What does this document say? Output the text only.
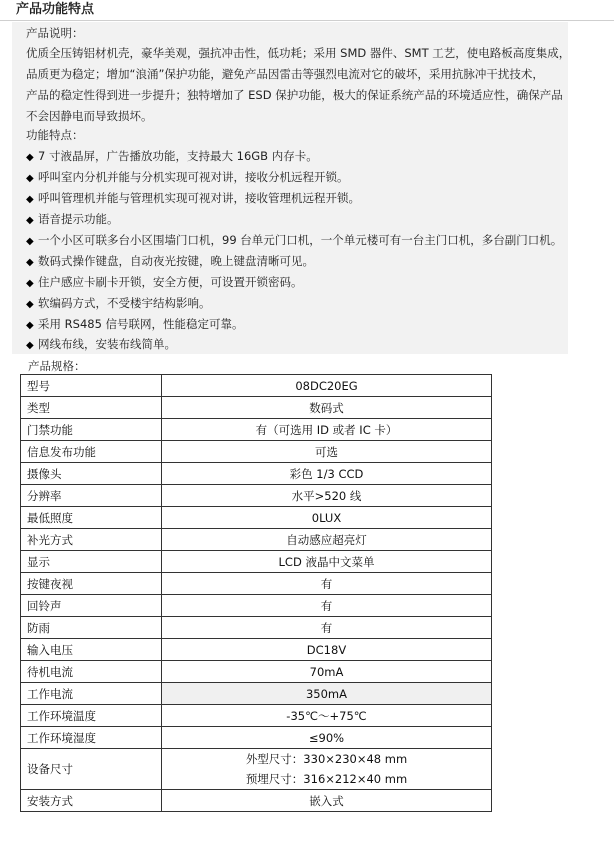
产品功能特点
产品说明：
优质全压铸铝材机壳，豪华美观，强抗冲击性，低功耗；采用 SMD 器件、SMT 工艺，使电路板高度集成，
品质更为稳定；增加“浪涌”保护功能，避免产品因雷击等强烈电流对它的破坏，采用抗脉冲干扰技术，
产品的稳定性得到进一步提升；独特增加了 ESD 保护功能，极大的保证系统产品的环境适应性，确保产品
不会因静电而导致损坏。
功能特点：
◆ 7 寸液晶屏，广告播放功能，支持最大 16GB 内存卡。
◆ 呼叫室内分机并能与分机实现可视对讲，接收分机远程开锁。
◆ 呼叫管理机并能与管理机实现可视对讲，接收管理机远程开锁。
◆ 语音提示功能。
◆ 一个小区可联多台小区围墙门口机，99 台单元门口机，一个单元楼可有一台主门口机，多台副门口机。
◆ 数码式操作键盘，自动夜光按键，晚上键盘清晰可见。
◆ 住户感应卡刷卡开锁，安全方便，可设置开锁密码。
◆ 软编码方式，不受楼宇结构影响。
◆ 采用 RS485 信号联网，性能稳定可靠。
◆ 网线布线，安装布线简单。
产品规格：
型号	08DC20EG
类型	数码式
门禁功能	有（可选用 ID 或者 IC 卡）
信息发布功能	可选
摄像头	彩色 1/3 CCD
分辨率	水平>520 线
最低照度	0LUX
补光方式	自动感应超亮灯
显示	LCD 液晶中文菜单
按键夜视	有
回铃声	有
防雨	有
输入电压	DC18V
待机电流	70mA
工作电流	350mA
工作环境温度	-35℃～+75℃
工作环境湿度	≤90%
设备尺寸	外型尺寸：330×230×48 mm
预埋尺寸：316×212×40 mm

安装方式	嵌入式
